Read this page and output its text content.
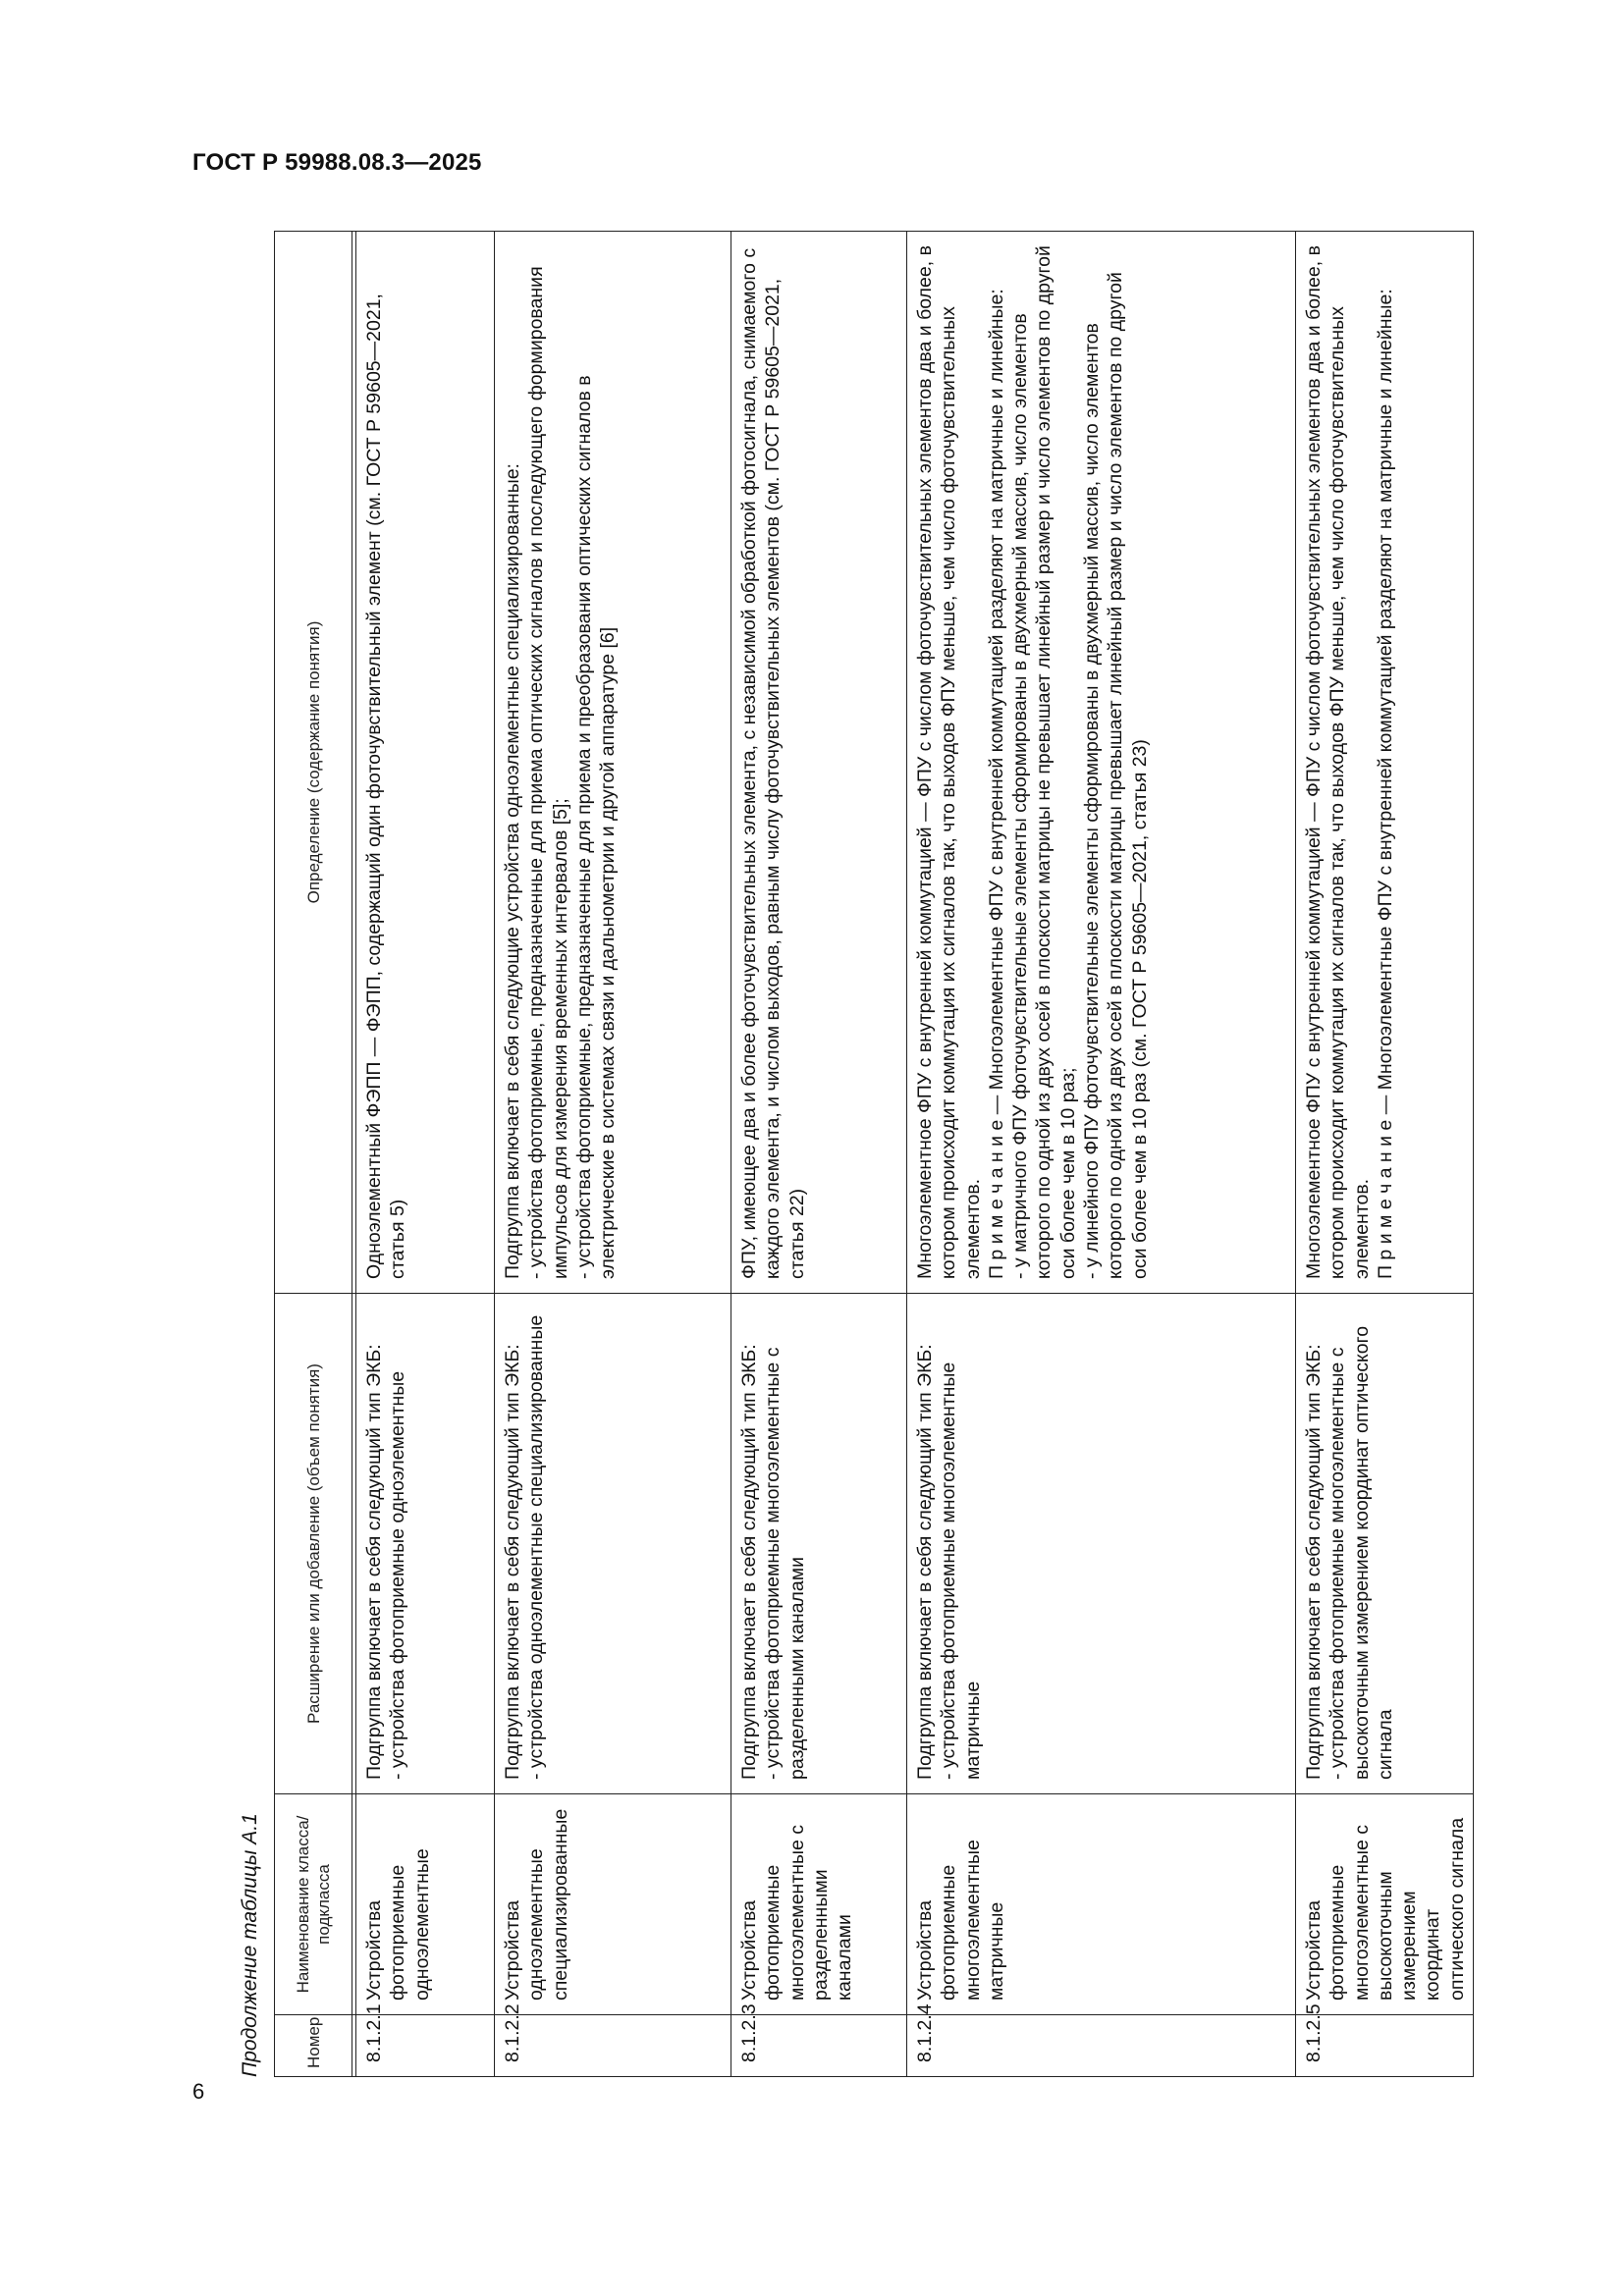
ГОСТ Р 59988.08.3—2025
Продолжение таблицы А.1	Номер	Наименование класса/подкласса	Расширение или добавление (объем понятия)	Определение (содержание понятия)

8.1.2.1	Устройства фотоприемные одноэлементные	Подгруппа включает в себя следующий тип ЭКБ: - устройства фотоприемные одноэлементные	Одноэлементный ФЭПП — ФЭПП, содержащий один фоточувствительный элемент (см. ГОСТ Р 59605—2021, статья 5)

8.1.2.2	Устройства одноэлементные специализированные	Подгруппа включает в себя следующий тип ЭКБ: - устройства одноэлементные специализированные	Подгруппа включает в себя следующие устройства одноэлементные специализированные: - устройства фотоприемные, предназначенные для приема оптических сигналов и последующего формирования импульсов для измерения временных интервалов [5]; - устройства фотоприемные, предназначенные для приема и преобразования оптических сигналов в электрические в системах связи и дальнометрии и другой аппаратуре [6]

8.1.2.3	Устройства фотоприемные многоэлементные с разделенными каналами	Подгруппа включает в себя следующий тип ЭКБ: - устройства фотоприемные многоэлементные с разделенными каналами	ФПУ, имеющее два и более фоточувствительных элемента, с независимой обработкой фотосигнала, снимаемого с каждого элемента, и числом выходов, равным числу фоточувствительных элементов (см. ГОСТ Р 59605—2021, статья 22)

8.1.2.4	Устройства фотоприемные многоэлементные матричные	Подгруппа включает в себя следующий тип ЭКБ: - устройства фотоприемные многоэлементные матричные	Многоэлементное ФПУ с внутренней коммутацией — ФПУ с числом фоточувствительных элементов два и более, в котором происходит коммутация их сигналов так, что выходов ФПУ меньше, чем число фоточувствительных элементов. П р и м е ч а н и е — Многоэлементные ФПУ с внутренней коммутацией разделяют на матричные и линейные: - у матричного ФПУ фоточувствительные элементы сформированы в двухмерный массив, число элементов которого по одной из двух осей в плоскости матрицы не превышает линейный размер и число элементов по другой оси более чем в 10 раз; - у линейного ФПУ фоточувствительные элементы сформированы в двухмерный массив, число элементов которого по одной из двух осей в плоскости матрицы превышает линейный размер и число элементов по другой оси более чем в 10 раз (см. ГОСТ Р 59605—2021, статья 23)

8.1.2.5	Устройства фотоприемные многоэлементные с высокоточным измерением координат оптического сигнала	Подгруппа включает в себя следующий тип ЭКБ: - устройства фотоприемные многоэлементные с высокоточным измерением координат оптического сигнала	Многоэлементное ФПУ с внутренней коммутацией — ФПУ с числом фоточувствительных элементов два и более, в котором происходит коммутация их сигналов так, что выходов ФПУ меньше, чем число фоточувствительных элементов. П р и м е ч а н и е — Многоэлементные ФПУ с внутренней коммутацией разделяют на матричные и линейные:
6
